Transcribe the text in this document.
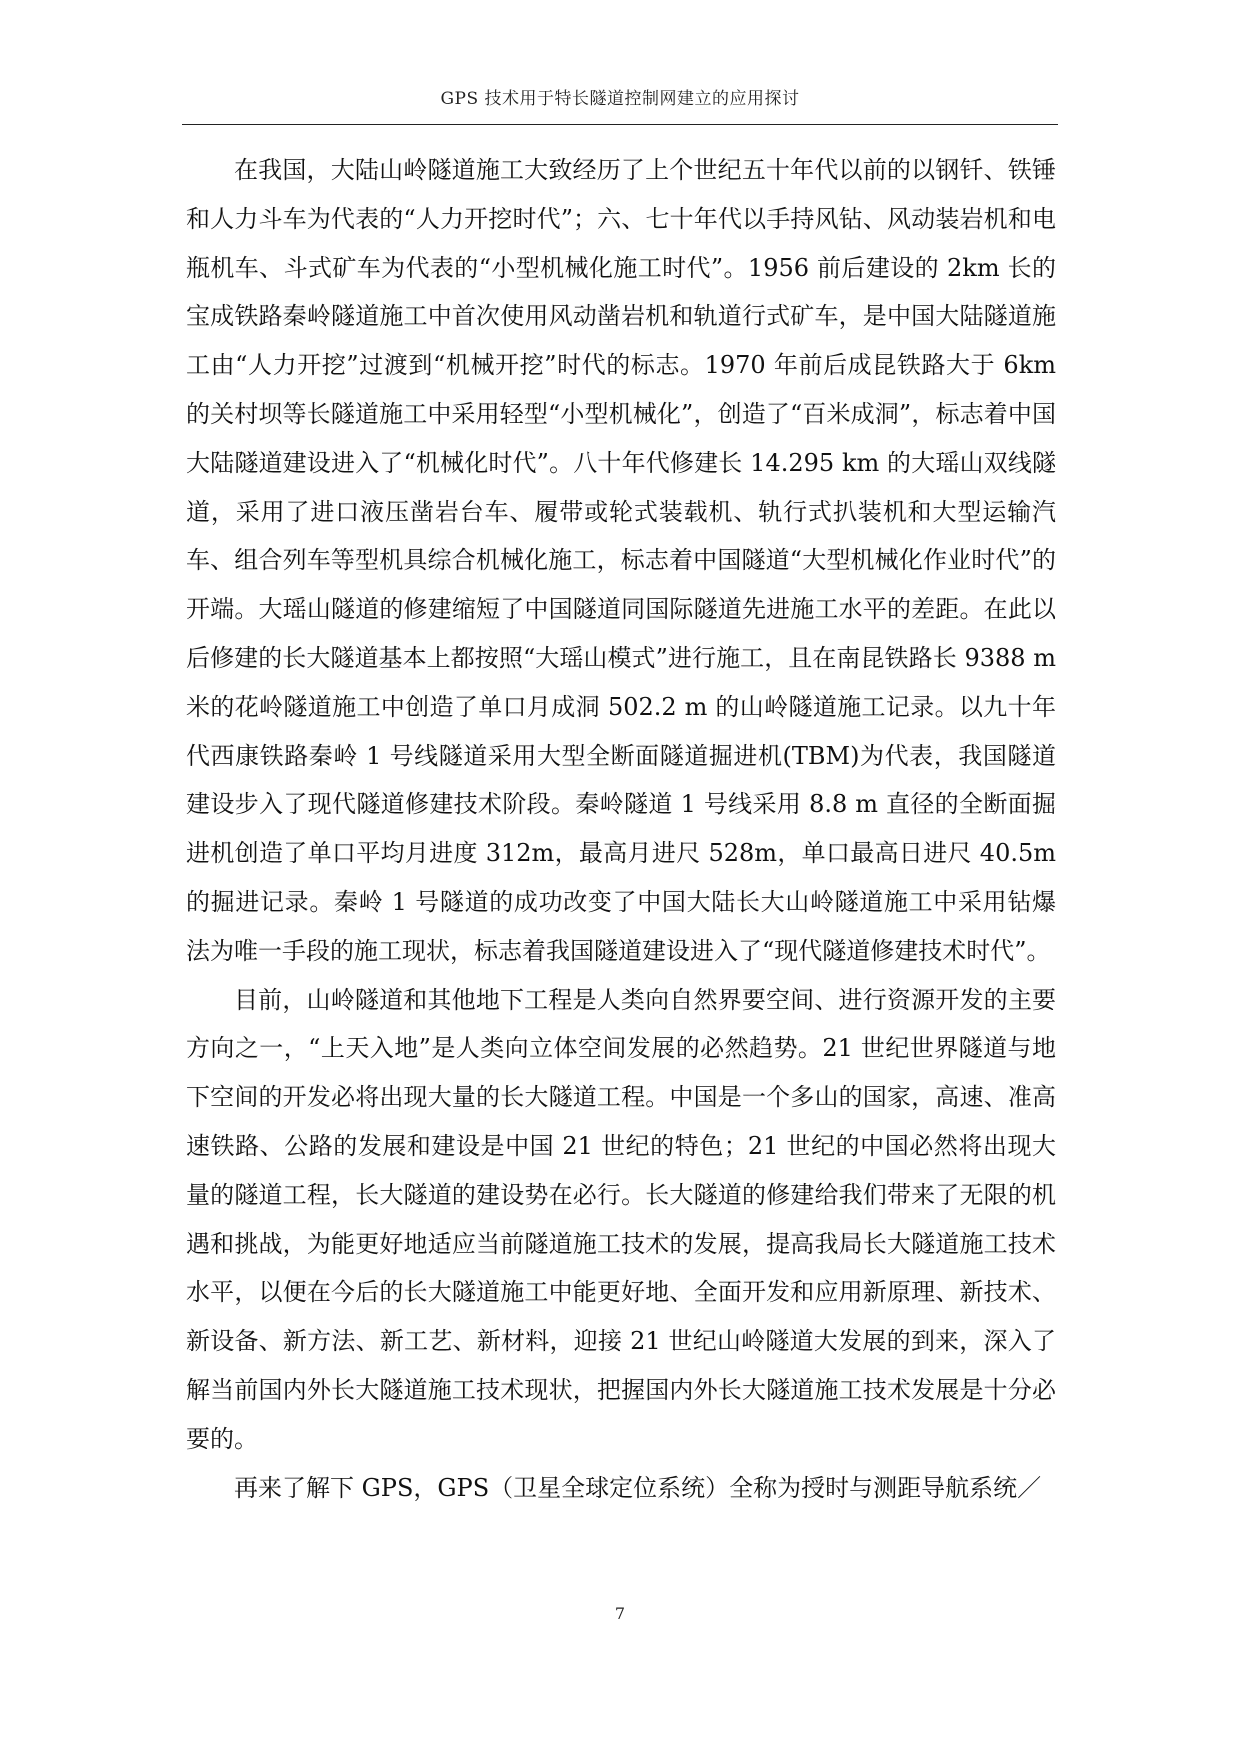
GPS 技术用于特长隧道控制网建立的应用探讨

在我国，大陆山岭隧道施工大致经历了上个世纪五十年代以前的以钢钎、铁锤和人力斗车为代表的“人力开挖时代”；六、七十年代以手持风钻、风动装岩机和电瓶机车、斗式矿车为代表的“小型机械化施工时代”。1956 前后建设的 2km 长的宝成铁路秦岭隧道施工中首次使用风动凿岩机和轨道行式矿车，是中国大陆隧道施工由“人力开挖”过渡到“机械开挖”时代的标志。1970 年前后成昆铁路大于 6km 的关村坝等长隧道施工中采用轻型“小型机械化”，创造了“百米成洞”，标志着中国大陆隧道建设进入了“机械化时代”。八十年代修建长 14.295 km 的大瑶山双线隧道，采用了进口液压凿岩台车、履带或轮式装载机、轨行式扒装机和大型运输汽车、组合列车等型机具综合机械化施工，标志着中国隧道“大型机械化作业时代”的开端。大瑶山隧道的修建缩短了中国隧道同国际隧道先进施工水平的差距。在此以后修建的长大隧道基本上都按照“大瑶山模式”进行施工，且在南昆铁路长 9388 m 米的花岭隧道施工中创造了单口月成洞 502.2 m 的山岭隧道施工记录。以九十年代西康铁路秦岭 1 号线隧道采用大型全断面隧道掘进机(TBM)为代表，我国隧道建设步入了现代隧道修建技术阶段。秦岭隧道 1 号线采用 8.8 m 直径的全断面掘进机创造了单口平均月进度 312m，最高月进尺 528m，单口最高日进尺 40.5m 的掘进记录。秦岭 1 号隧道的成功改变了中国大陆长大山岭隧道施工中采用钻爆法为唯一手段的施工现状，标志着我国隧道建设进入了“现代隧道修建技术时代”。

目前，山岭隧道和其他地下工程是人类向自然界要空间、进行资源开发的主要方向之一，“上天入地”是人类向立体空间发展的必然趋势。21 世纪世界隧道与地下空间的开发必将出现大量的长大隧道工程。中国是一个多山的国家，高速、准高速铁路、公路的发展和建设是中国 21 世纪的特色；21 世纪的中国必然将出现大量的隧道工程，长大隧道的建设势在必行。长大隧道的修建给我们带来了无限的机遇和挑战，为能更好地适应当前隧道施工技术的发展，提高我局长大隧道施工技术水平，以便在今后的长大隧道施工中能更好地、全面开发和应用新原理、新技术、新设备、新方法、新工艺、新材料，迎接 21 世纪山岭隧道大发展的到来，深入了解当前国内外长大隧道施工技术现状，把握国内外长大隧道施工技术发展是十分必要的。

再来了解下 GPS，GPS（卫星全球定位系统）全称为授时与测距导航系统／

7
